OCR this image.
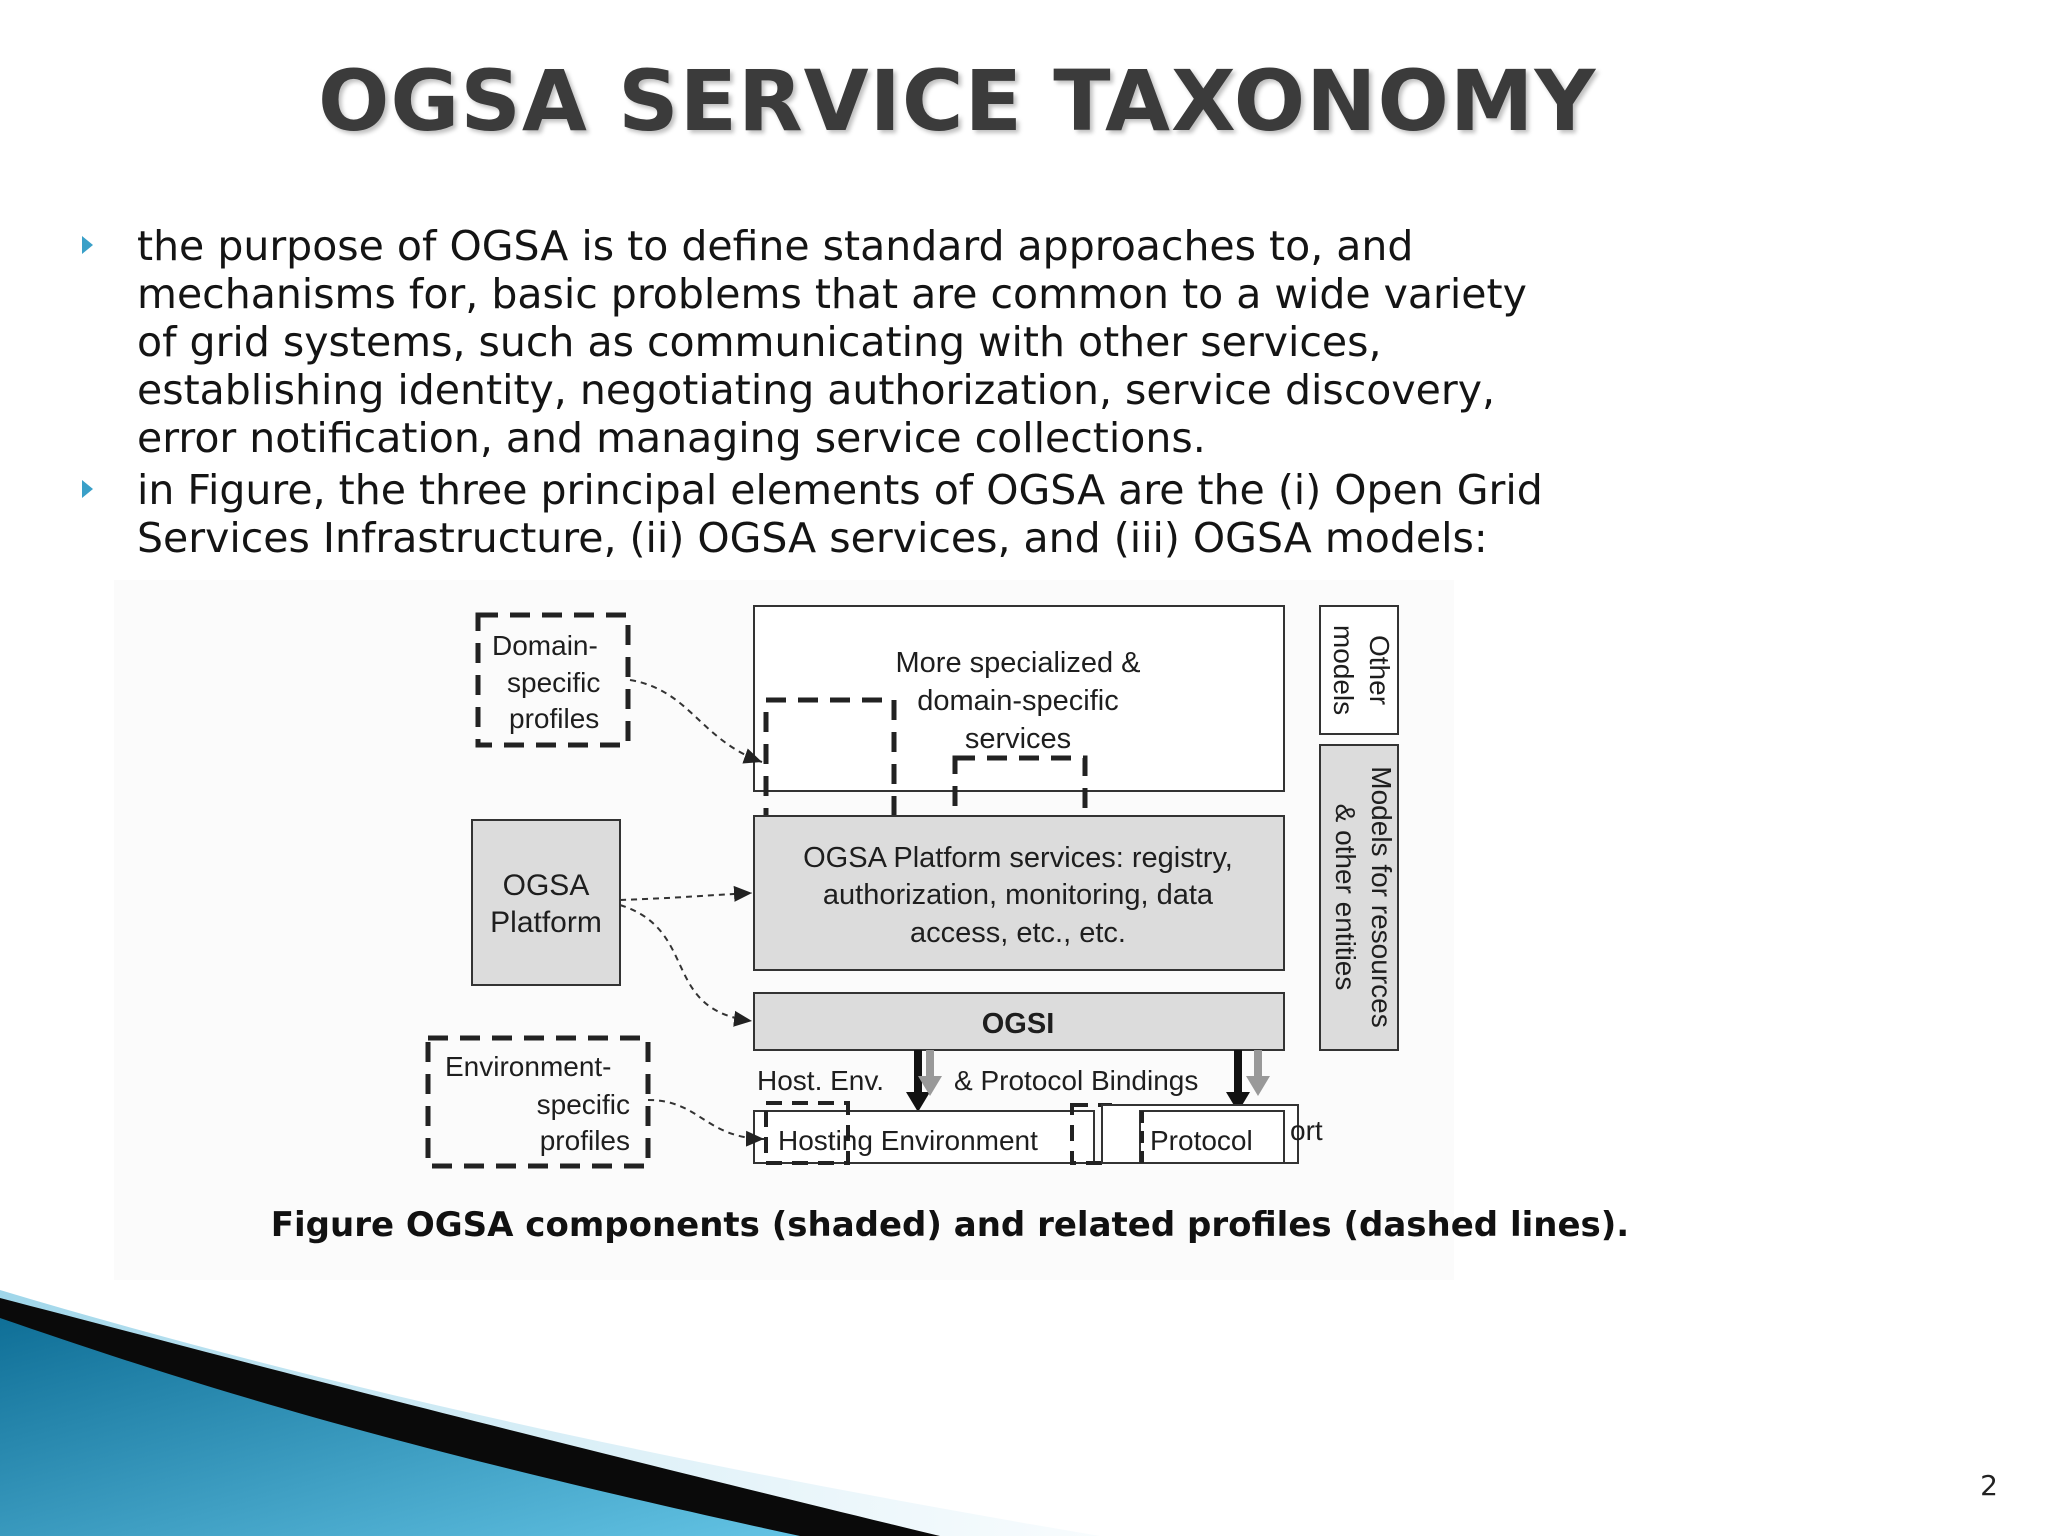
OGSA SERVICE TAXONOMY
the purpose of OGSA is to define standard approaches to, and
mechanisms for, basic problems that are common to a wide variety
of grid systems, such as communicating with other services,
establishing identity, negotiating authorization, service discovery,
error notification, and managing service collections.
in Figure, the three principal elements of OGSA are the (i) Open Grid
Services Infrastructure, (ii) OGSA services, and (iii) OGSA models:
Domain-
specific
profiles
OGSA
Platform
Environment-
specific
profiles
More specialized &
domain-specific
services
OGSA Platform services: registry,
authorization, monitoring, data
access, etc., etc.
OGSI
Host. Env. & Protocol Bindings
Hosting Environment	Protocol ort
Other
models
Models for resources
& other entities
Figure OGSA components (shaded) and related profiles (dashed lines).
2
